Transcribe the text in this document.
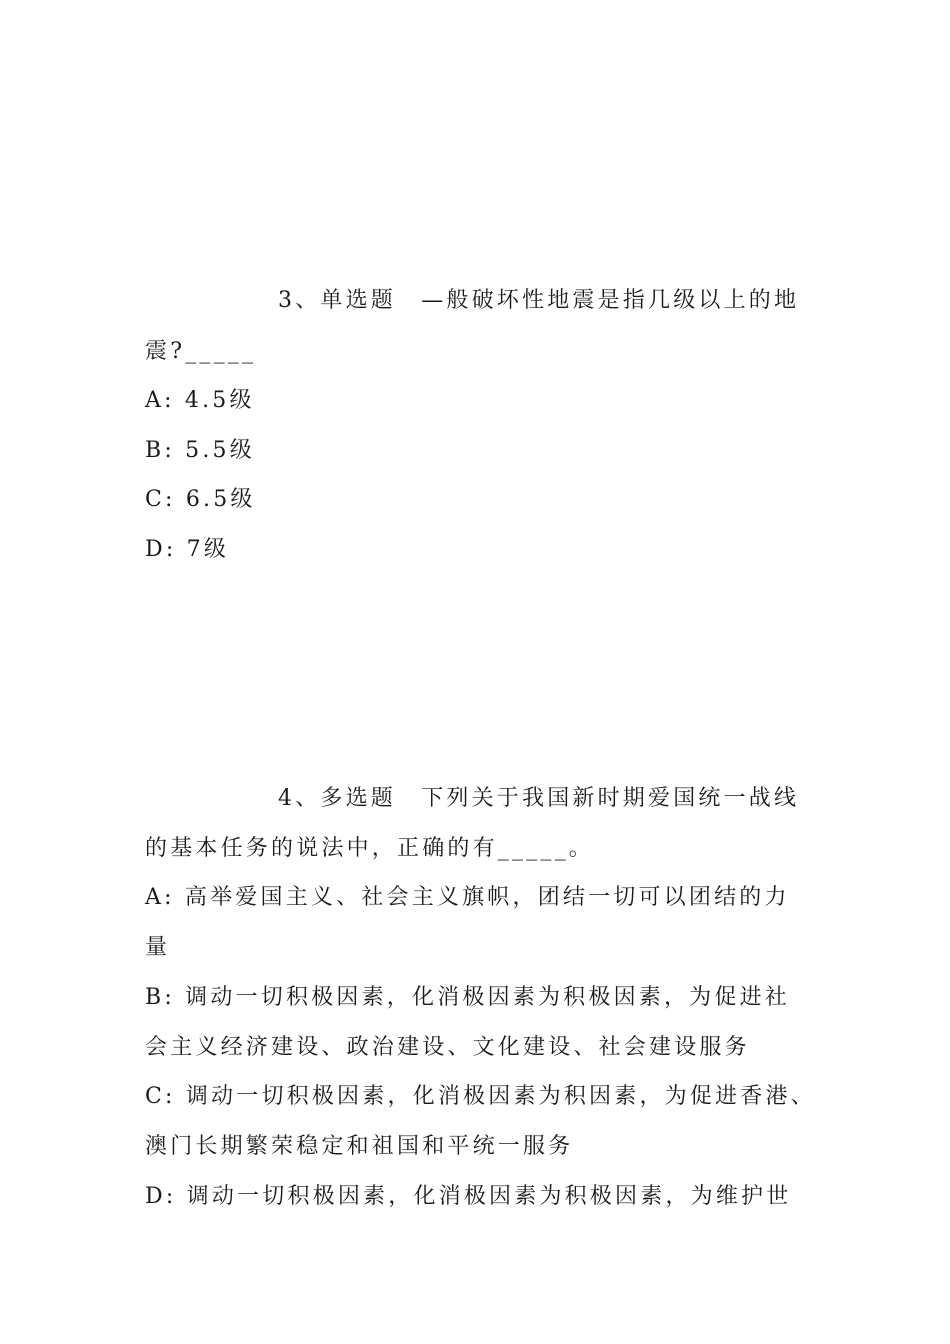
3、单选题　—般破坏性地震是指几级以上的地
震?_____
A: 4.5级
B: 5.5级
C: 6.5级
D: 7级
4、多选题　下列关于我国新时期爱国统一战线
的基本任务的说法中，正确的有_____。
A: 高举爱国主义、社会主义旗帜，团结一切可以团结的力
量
B: 调动一切积极因素，化消极因素为积极因素，为促进社
会主义经济建设、政治建设、文化建设、社会建设服务
C: 调动一切积极因素，化消极因素为积因素，为促进香港、
澳门长期繁荣稳定和祖国和平统一服务
D: 调动一切积极因素，化消极因素为积极因素，为维护世
